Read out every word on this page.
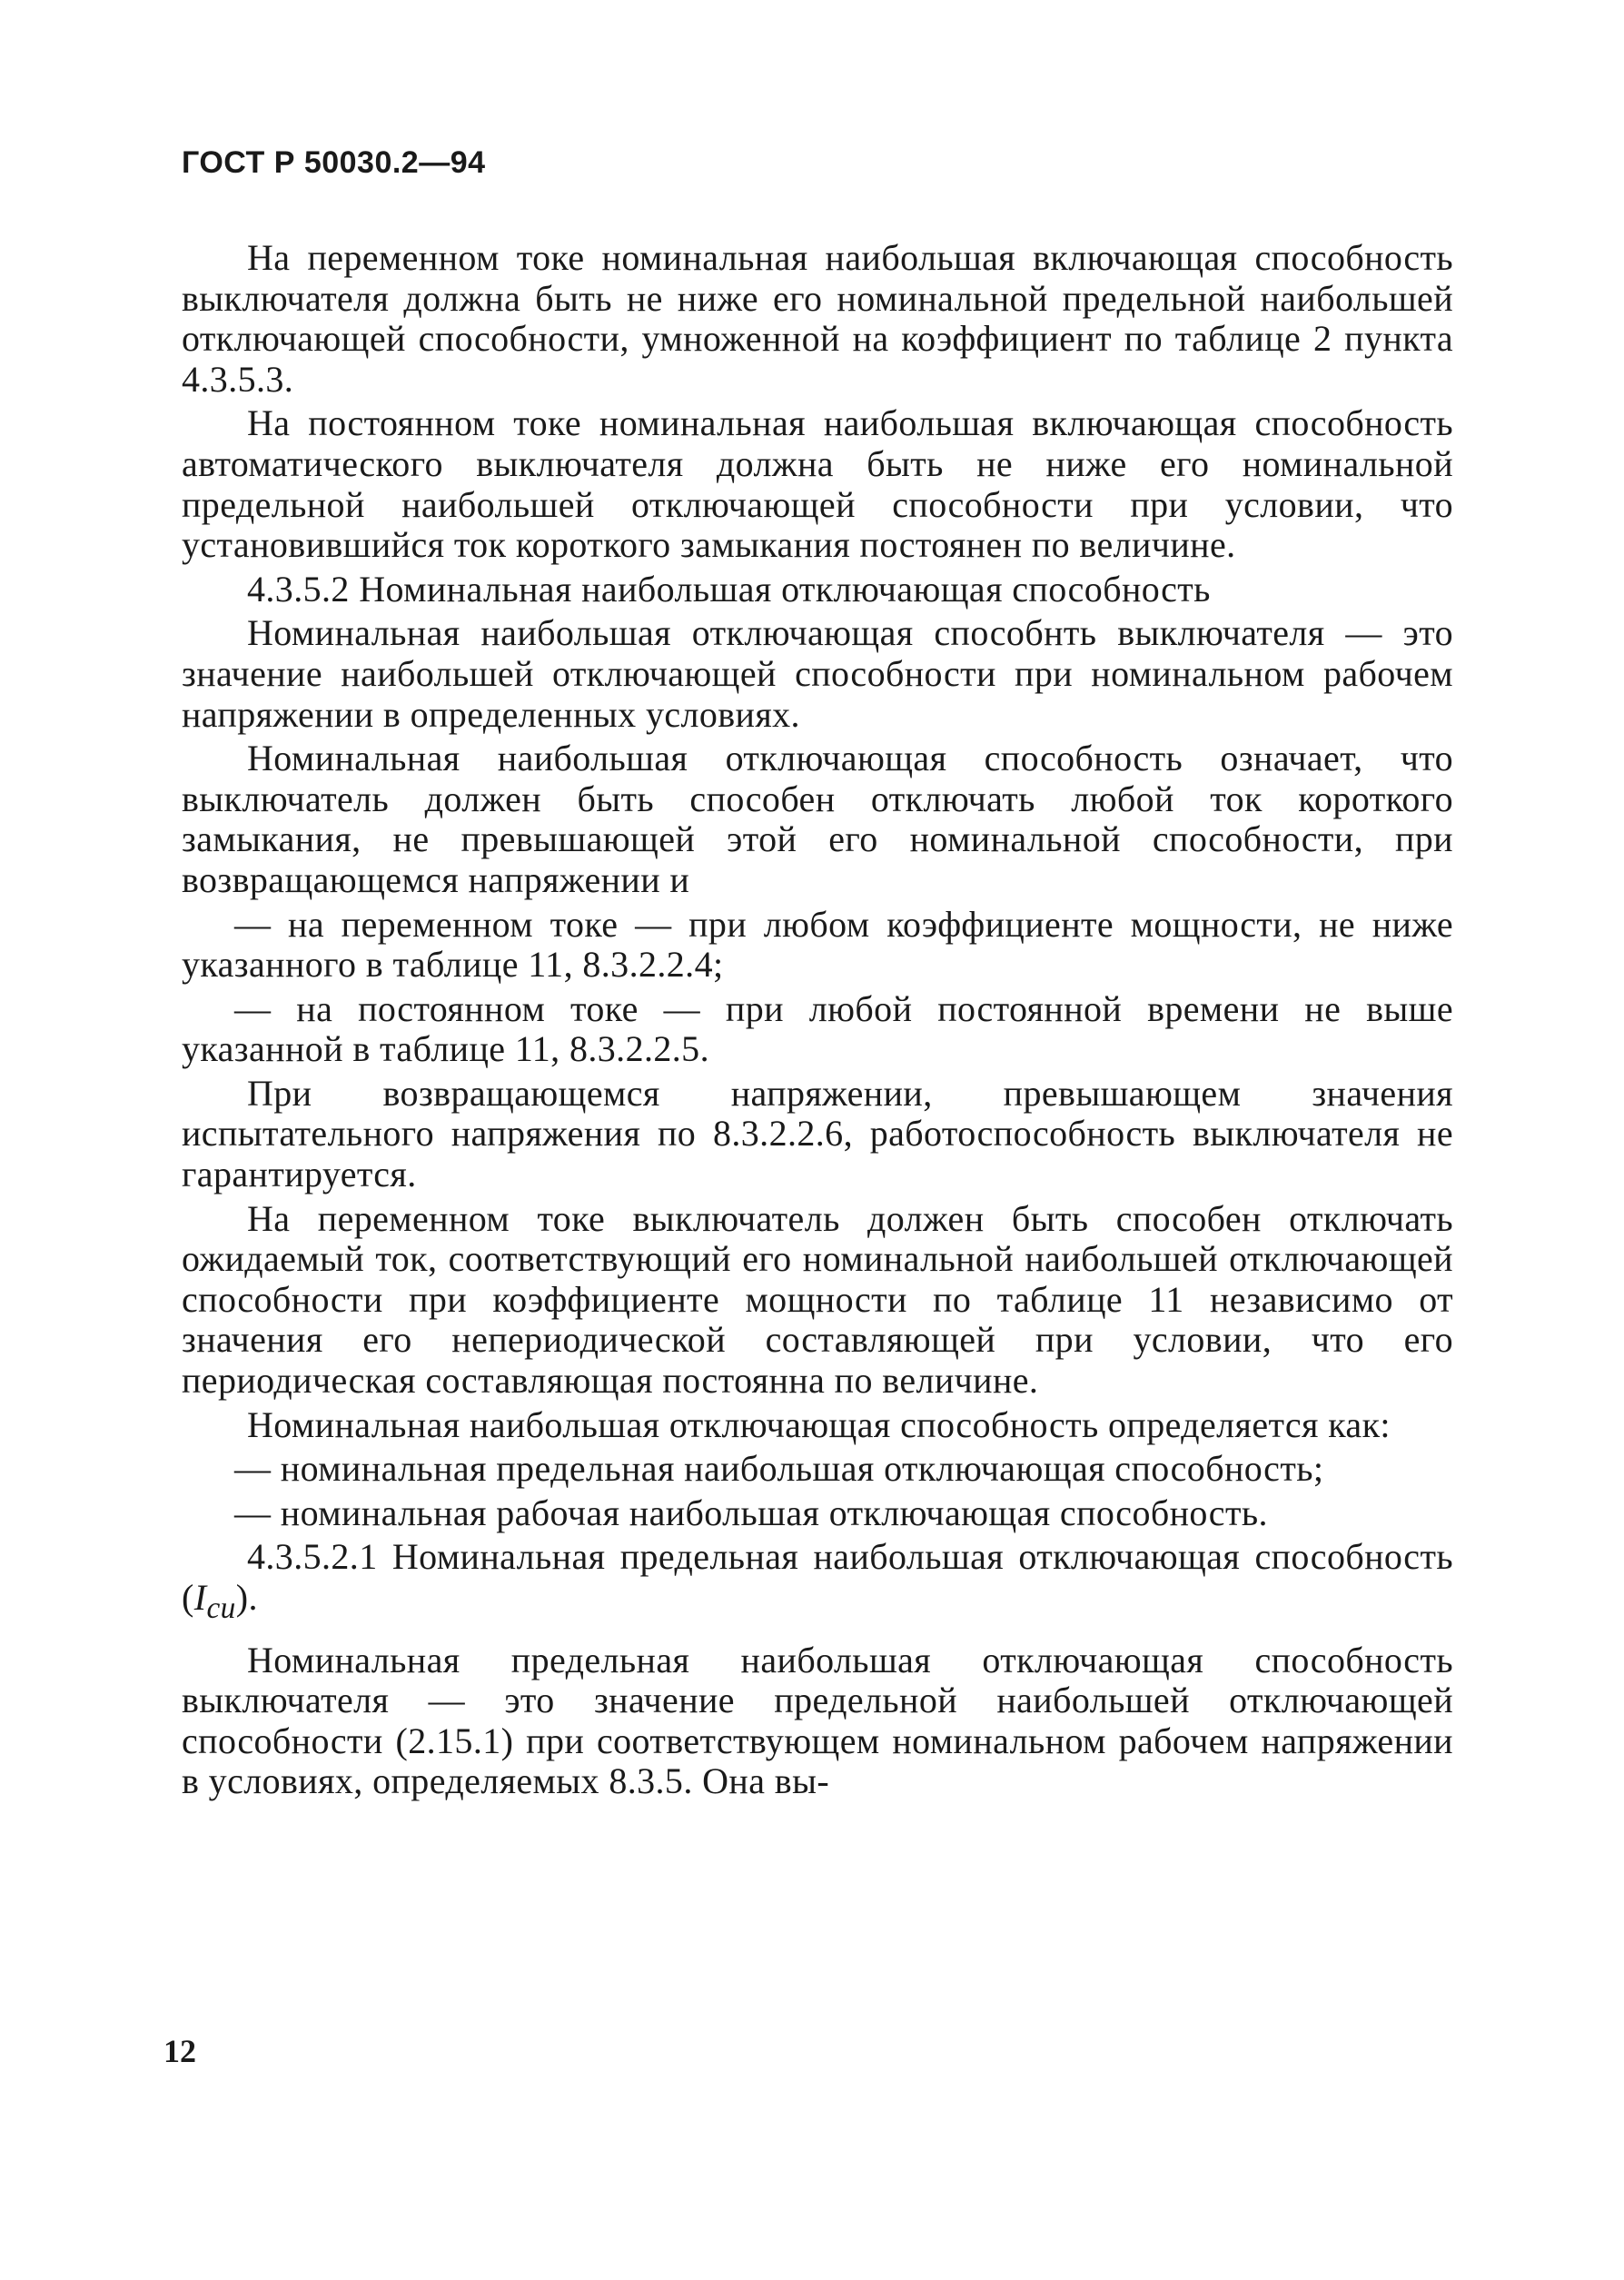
ГОСТ Р 50030.2—94

На переменном токе номинальная наибольшая включающая способность выключателя должна быть не ниже его номинальной предельной наибольшей отключающей способности, умноженной на коэффициент по таблице 2 пункта 4.3.5.3.

На постоянном токе номинальная наибольшая включающая способность автоматического выключателя должна быть не ниже его номинальной предельной наибольшей отключающей способности при условии, что установившийся ток короткого замыкания постоянен по величине.

4.3.5.2 Номинальная наибольшая отключающая способность

Номинальная наибольшая отключающая способнть выключателя — это значение наибольшей отключающей способности при номинальном рабочем напряжении в определенных условиях.

Номинальная наибольшая отключающая способность означает, что выключатель должен быть способен отключать любой ток короткого замыкания, не превышающей этой его номинальной способности, при возвращающемся напряжении и

— на переменном токе — при любом коэффициенте мощности, не ниже указанного в таблице 11, 8.3.2.2.4;

— на постоянном токе — при любой постоянной времени не выше указанной в таблице 11, 8.3.2.2.5.

При возвращающемся напряжении, превышающем значения испытательного напряжения по 8.3.2.2.6, работоспособность выключателя не гарантируется.

На переменном токе выключатель должен быть способен отключать ожидаемый ток, соответствующий его номинальной наибольшей отключающей способности при коэффициенте мощности по таблице 11 независимо от значения его непериодической составляющей при условии, что его периодическая составляющая постоянна по величине.

Номинальная наибольшая отключающая способность определяется как:

— номинальная предельная наибольшая отключающая способность;

— номинальная рабочая наибольшая отключающая способность.

4.3.5.2.1 Номинальная предельная наибольшая отключающая способность $(I_{cu})$.

Номинальная предельная наибольшая отключающая способность выключателя — это значение предельной наибольшей отключающей способности (2.15.1) при соответствующем номинальном рабочем напряжении в условиях, определяемых 8.3.5. Она вы-

12
